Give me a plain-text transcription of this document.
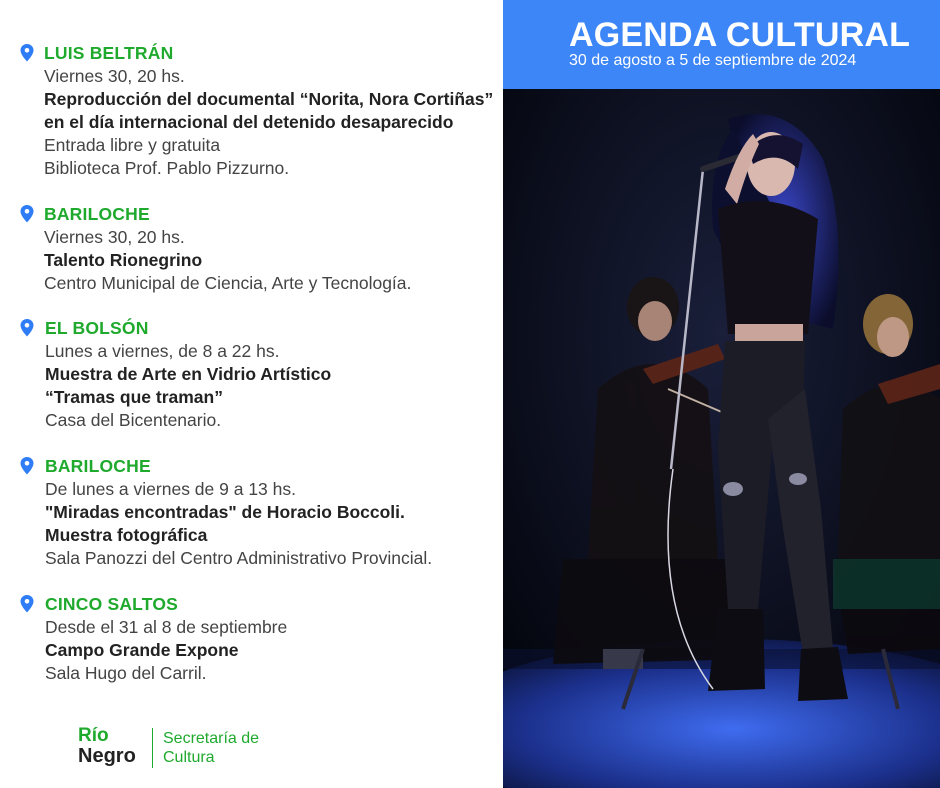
LUIS BELTRÁN
Viernes 30, 20 hs.
Reproducción del documental “Norita, Nora Cortiñas”
en el día internacional del detenido desaparecido
Entrada libre y gratuita
Biblioteca Prof. Pablo Pizzurno.
BARILOCHE
Viernes 30, 20 hs.
Talento Rionegrino
Centro Municipal de Ciencia, Arte y Tecnología.
EL BOLSÓN
Lunes a viernes, de 8 a 22 hs.
Muestra de Arte en Vidrio Artístico
“Tramas que traman”
Casa del Bicentenario.
BARILOCHE
De lunes a viernes de 9 a 13 hs.
"Miradas encontradas" de Horacio Boccoli.
Muestra fotográfica
Sala Panozzi del Centro Administrativo Provincial.
CINCO SALTOS
Desde el 31 al 8 de septiembre
Campo Grande Expone
Sala Hugo del Carril.
Río
Negro
Secretaría de
Cultura
AGENDA CULTURAL
30 de agosto a 5 de septiembre de 2024
